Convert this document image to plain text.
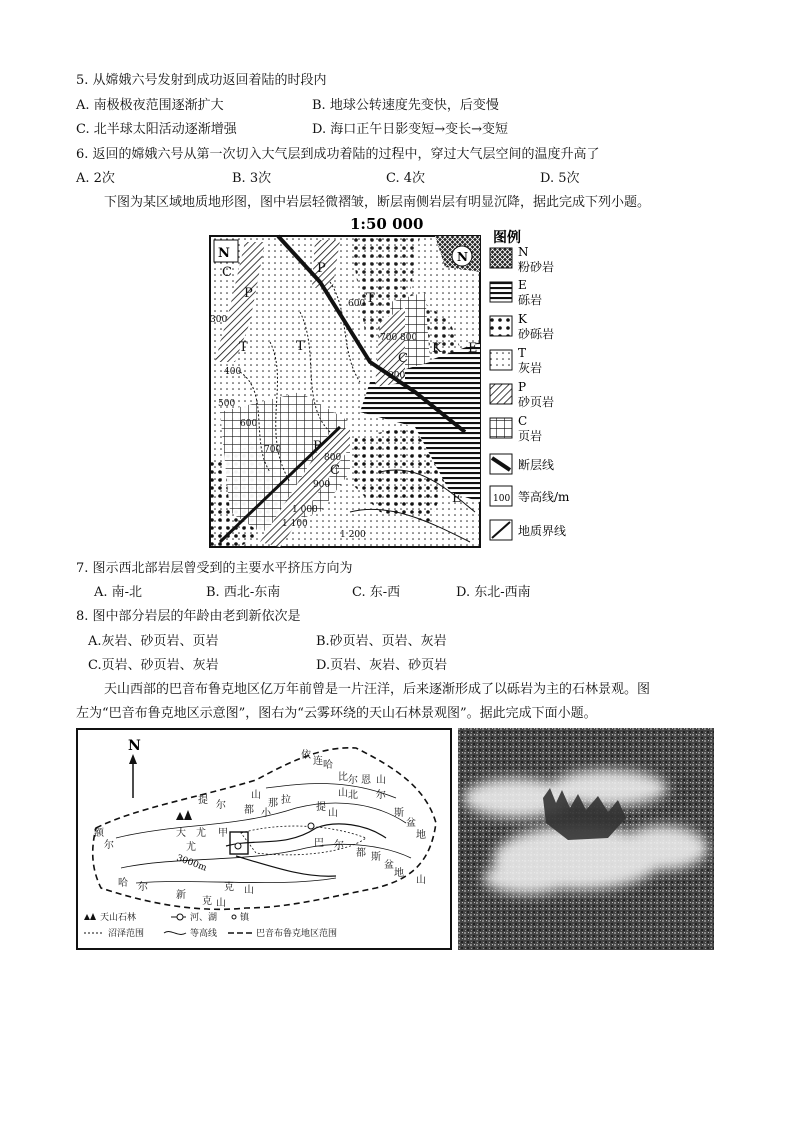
5. 从嫦娥六号发射到成功返回着陆的时段内
A. 南极极夜范围逐渐扩大	B. 地球公转速度先变快，后变慢
C. 北半球太阳活动逐渐增强	D. 海口正午日影变短→变长→变短
6. 返回的嫦娥六号从第一次切入大气层到成功着陆的过程中，穿过大气层空间的温度升高了
A. 2次	B. 3次	C. 4次	D. 5次
下图为某区域地质地形图，图中岩层轻微褶皱，断层南侧岩层有明显沉降，据此完成下列小题。
1:50 000
N	N
C
P
P
T
T
T
C
K E
P
C
E
600
400
500
600
700
700 800
900
800
900
1 000
1 100
1 200
300
图例
N
粉砂岩
E
砾岩
K
砂砾岩
T
灰岩
P
砂页岩
C
页岩
断层线
100 等高线/m
地质界线
7. 图示西北部岩层曾受到的主要水平挤压方向为
A. 南-北	B. 西北-东南	C. 东-西	D. 东北-西南
8. 图中部分岩层的年龄由老到新依次是
A.灰岩、砂页岩、页岩	B.砂页岩、页岩、灰岩
C.页岩、砂页岩、灰岩	D.页岩、灰岩、砂页岩
天山西部的巴音布鲁克地区亿万年前曾是一片汪洋，后来逐渐形成了以砾岩为主的石林景观。图
左为“巴音布鲁克地区示意图”，图右为“云雾环绕的天山石林景观图”。据此完成下面小题。
N
依
连 哈
比 尔 恩 山
山 北 尔
斯
盆
地
大 尤 甲
都
提 尔
山
那 拉
提
山
额
尔
新
克 山
小
尤	巴 尔
都 斯
盆
地
山
哈 尔
克 山
3000m
天山石林	河、湖	镇
沼泽范围	等高线	巴音布鲁克地区范围
